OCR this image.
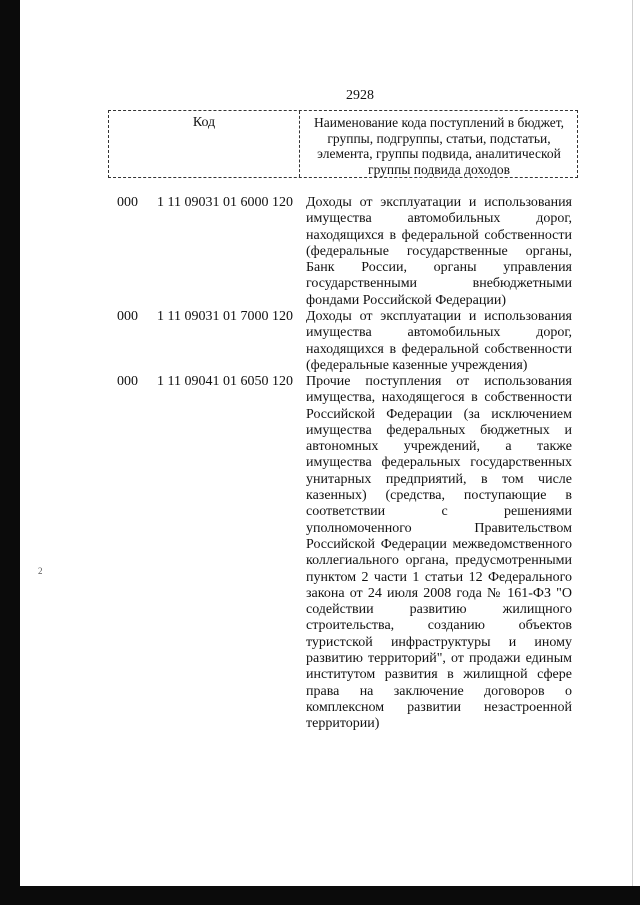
2928
Код	Наименование кода поступлений в бюджет, группы, подгруппы, статьи, подстатьи, элемента, группы подвида, аналитической группы подвида доходов
000 1 11 09031 01 6000 120 Доходы от эксплуатации и использования имущества автомобильных дорог, находящихся в федеральной собственности (федеральные государственные органы, Банк России, органы управления государственными внебюджетными фондами Российской Федерации)
000 1 11 09031 01 7000 120 Доходы от эксплуатации и использования имущества автомобильных дорог, находящихся в федеральной собственности (федеральные казенные учреждения)
000 1 11 09041 01 6050 120 Прочие поступления от использования имущества, находящегося в собственности Российской Федерации (за исключением имущества федеральных бюджетных и автономных учреждений, а также имущества федеральных государственных унитарных предприятий, в том числе казенных) (средства, поступающие в соответствии с решениями уполномоченного Правительством Российской Федерации межведомственного коллегиального органа, предусмотренными пунктом 2 части 1 статьи 12 Федерального закона от 24 июля 2008 года № 161-ФЗ "О содействии развитию жилищного строительства, созданию объектов туристской инфраструктуры и иному развитию территорий", от продажи единым институтом развития в жилищной сфере права на заключение договоров о комплексном развитии незастроенной территории)
2
